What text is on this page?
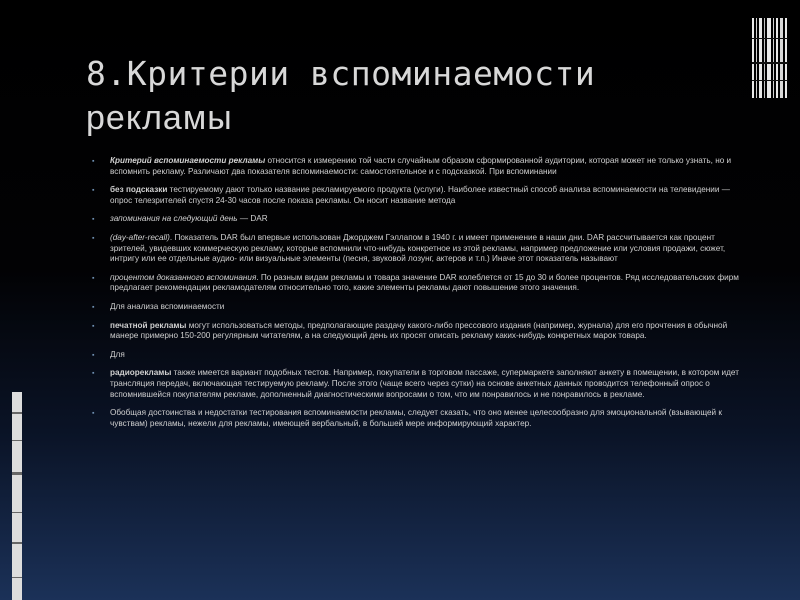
8.Критерии вспоминаемости
рекламы
▪
Критерий вспоминаемости рекламы относится к измерению той части случайным образом сформированной аудитории, которая может не только узнать, но и вспомнить рекламу. Различают два показателя вспоминаемости: самостоятельное и с подсказкой. При вспоминании
▪
без подсказки тестируемому дают только название рекламируемого продукта (услуги). Наиболее известный способ анализа вспоминаемости на телевидении — опрос телезрителей спустя 24-30 часов после показа рекламы. Он носит название метода
▪
запоминания на следующий день — DAR
▪
(day-after-recall). Показатель DAR был впервые использован Джорджем Гэллапом в 1940 г. и имеет применение в наши дни. DAR рассчитывается как процент зрителей, увидевших коммерческую рекламу, которые вспомнили что-нибудь конкретное из этой рекламы, например предложение или условия продажи, сюжет, интригу или ее отдельные аудио- или визуальные элементы (песня, звуковой лозунг, актеров и т.п.) Иначе этот показатель называют
▪
процентом доказанного вспоминания. По разным видам рекламы и товара значение DAR колеблется от 15 до 30 и более процентов. Ряд исследовательских фирм предлагает рекомендации рекламодателям относительно того, какие элементы рекламы дают повышение этого значения.
▪
Для анализа вспоминаемости
▪
печатной рекламы могут использоваться методы, предполагающие раздачу какого-либо прессового издания (например, журнала) для его прочтения в обычной манере примерно 150-200 регулярным читателям, а на следующий день их просят описать рекламу каких-нибудь конкретных марок товара.
▪
Для
▪
радиорекламы также имеется вариант подобных тестов. Например, покупатели в торговом пассаже, супермаркете заполняют анкету в помещении, в котором идет трансляция передач, включающая тестируемую рекламу. После этого (чаще всего через сутки) на основе анкетных данных проводится телефонный опрос о вспомнившейся покупателям рекламе, дополненный диагностическими вопросами о том, что им понравилось и не понравилось в рекламе.
▪
Обобщая достоинства и недостатки тестирования вспоминаемости рекламы, следует сказать, что оно менее целесообразно для эмоциональной (взывающей к чувствам) рекламы, нежели для рекламы, имеющей вербальный, в большей мере информирующий характер.
